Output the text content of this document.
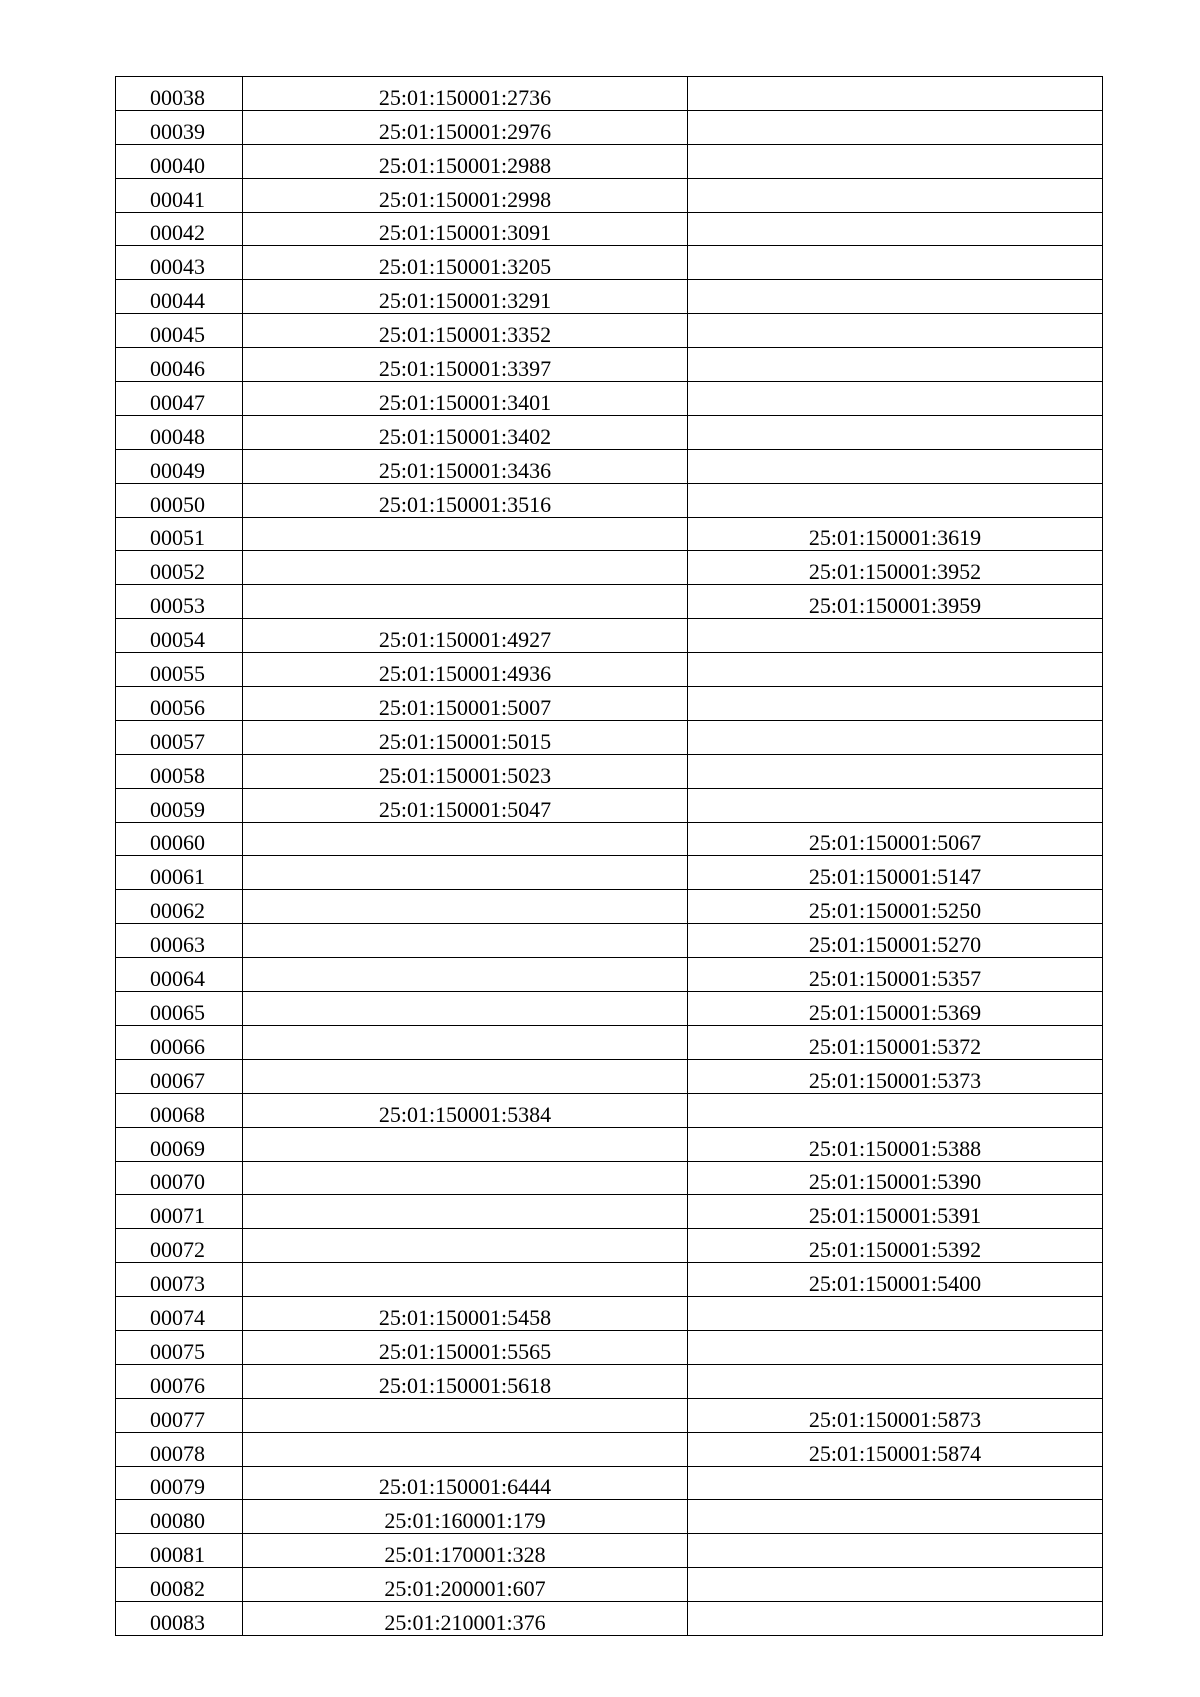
00038	25:01:150001:2736	
00039	25:01:150001:2976	
00040	25:01:150001:2988	
00041	25:01:150001:2998	
00042	25:01:150001:3091	
00043	25:01:150001:3205	
00044	25:01:150001:3291	
00045	25:01:150001:3352	
00046	25:01:150001:3397	
00047	25:01:150001:3401	
00048	25:01:150001:3402	
00049	25:01:150001:3436	
00050	25:01:150001:3516	
00051		25:01:150001:3619
00052		25:01:150001:3952
00053		25:01:150001:3959
00054	25:01:150001:4927	
00055	25:01:150001:4936	
00056	25:01:150001:5007	
00057	25:01:150001:5015	
00058	25:01:150001:5023	
00059	25:01:150001:5047	
00060		25:01:150001:5067
00061		25:01:150001:5147
00062		25:01:150001:5250
00063		25:01:150001:5270
00064		25:01:150001:5357
00065		25:01:150001:5369
00066		25:01:150001:5372
00067		25:01:150001:5373
00068	25:01:150001:5384	
00069		25:01:150001:5388
00070		25:01:150001:5390
00071		25:01:150001:5391
00072		25:01:150001:5392
00073		25:01:150001:5400
00074	25:01:150001:5458	
00075	25:01:150001:5565	
00076	25:01:150001:5618	
00077		25:01:150001:5873
00078		25:01:150001:5874
00079	25:01:150001:6444	
00080	25:01:160001:179	
00081	25:01:170001:328	
00082	25:01:200001:607	
00083	25:01:210001:376	
